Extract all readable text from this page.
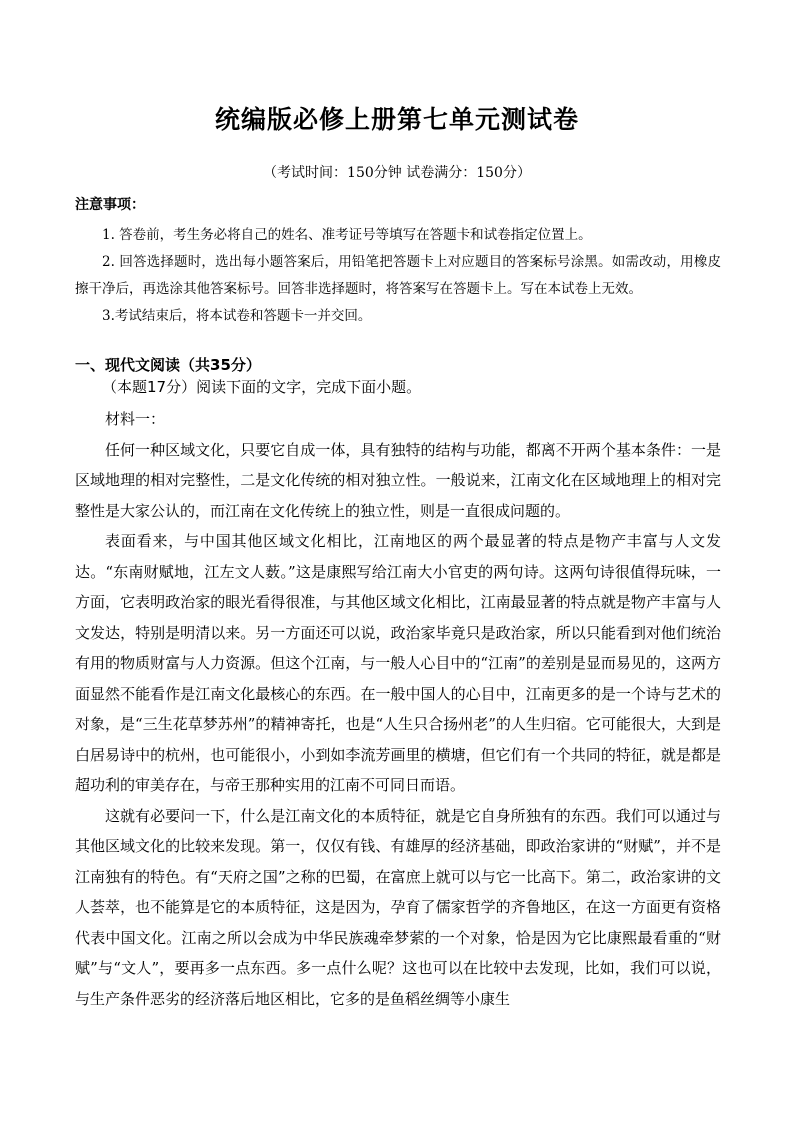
统编版必修上册第七单元测试卷
（考试时间：150分钟 试卷满分：150分）
注意事项：
1. 答卷前，考生务必将自己的姓名、准考证号等填写在答题卡和试卷指定位置上。
2. 回答选择题时，选出每小题答案后，用铅笔把答题卡上对应题目的答案标号涂黑。如需改动，用橡皮擦干净后，再选涂其他答案标号。回答非选择题时，将答案写在答题卡上。写在本试卷上无效。
3.考试结束后，将本试卷和答题卡一并交回。
一、现代文阅读（共35分）
（本题17分）阅读下面的文字，完成下面小题。

材料一：

任何一种区域文化，只要它自成一体，具有独特的结构与功能，都离不开两个基本条件：一是区域地理的相对完整性，二是文化传统的相对独立性。一般说来，江南文化在区域地理上的相对完整性是大家公认的，而江南在文化传统上的独立性，则是一直很成问题的。

表面看来，与中国其他区域文化相比，江南地区的两个最显著的特点是物产丰富与人文发达。“东南财赋地，江左文人薮。”这是康熙写给江南大小官吏的两句诗。这两句诗很值得玩味，一方面，它表明政治家的眼光看得很准，与其他区域文化相比，江南最显著的特点就是物产丰富与人文发达，特别是明清以来。另一方面还可以说，政治家毕竟只是政治家，所以只能看到对他们统治有用的物质财富与人力资源。但这个江南，与一般人心目中的“江南”的差别是显而易见的，这两方面显然不能看作是江南文化最核心的东西。在一般中国人的心目中，江南更多的是一个诗与艺术的对象，是“三生花草梦苏州”的精神寄托，也是“人生只合扬州老”的人生归宿。它可能很大，大到是白居易诗中的杭州，也可能很小，小到如李流芳画里的横塘，但它们有一个共同的特征，就是都是超功利的审美存在，与帝王那种实用的江南不可同日而语。

这就有必要问一下，什么是江南文化的本质特征，就是它自身所独有的东西。我们可以通过与其他区域文化的比较来发现。第一，仅仅有钱、有雄厚的经济基础，即政治家讲的“财赋”，并不是江南独有的特色。有“天府之国”之称的巴蜀，在富庶上就可以与它一比高下。第二，政治家讲的文人荟萃，也不能算是它的本质特征，这是因为，孕育了儒家哲学的齐鲁地区，在这一方面更有资格代表中国文化。江南之所以会成为中华民族魂牵梦萦的一个对象，恰是因为它比康熙最看重的“财赋”与“文人”，要再多一点东西。多一点什么呢？这也可以在比较中去发现，比如，我们可以说，与生产条件恶劣的经济落后地区相比，它多的是鱼稻丝绸等小康生
